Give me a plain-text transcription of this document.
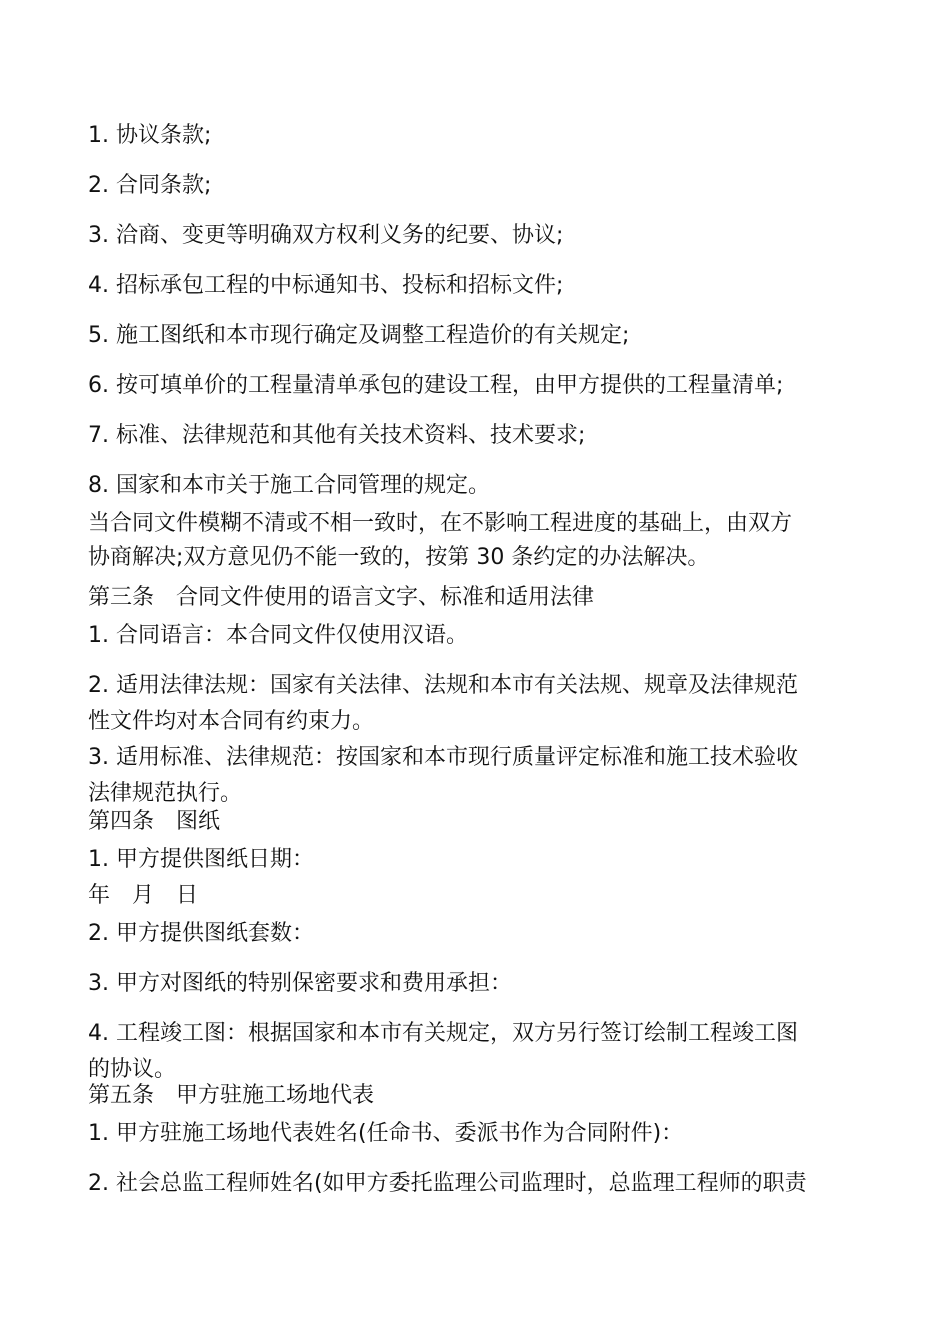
1. 协议条款;
2. 合同条款;
3. 洽商、变更等明确双方权利义务的纪要、协议;
4. 招标承包工程的中标通知书、投标和招标文件;
5. 施工图纸和本市现行确定及调整工程造价的有关规定;
6. 按可填单价的工程量清单承包的建设工程，由甲方提供的工程量清单;
7. 标准、法律规范和其他有关技术资料、技术要求;
8. 国家和本市关于施工合同管理的规定。
当合同文件模糊不清或不相一致时，在不影响工程进度的基础上，由双方
协商解决;双方意见仍不能一致的，按第 30 条约定的办法解决。
第三条　合同文件使用的语言文字、标准和适用法律
1. 合同语言：本合同文件仅使用汉语。
2. 适用法律法规：国家有关法律、法规和本市有关法规、规章及法律规范
性文件均对本合同有约束力。
3. 适用标准、法律规范：按国家和本市现行质量评定标准和施工技术验收
法律规范执行。
第四条　图纸
1. 甲方提供图纸日期：
年　月　日
2. 甲方提供图纸套数：
3. 甲方对图纸的特别保密要求和费用承担：
4. 工程竣工图：根据国家和本市有关规定，双方另行签订绘制工程竣工图
的协议。
第五条　甲方驻施工场地代表
1. 甲方驻施工场地代表姓名(任命书、委派书作为合同附件)：
2. 社会总监工程师姓名(如甲方委托监理公司监理时，总监理工程师的职责
